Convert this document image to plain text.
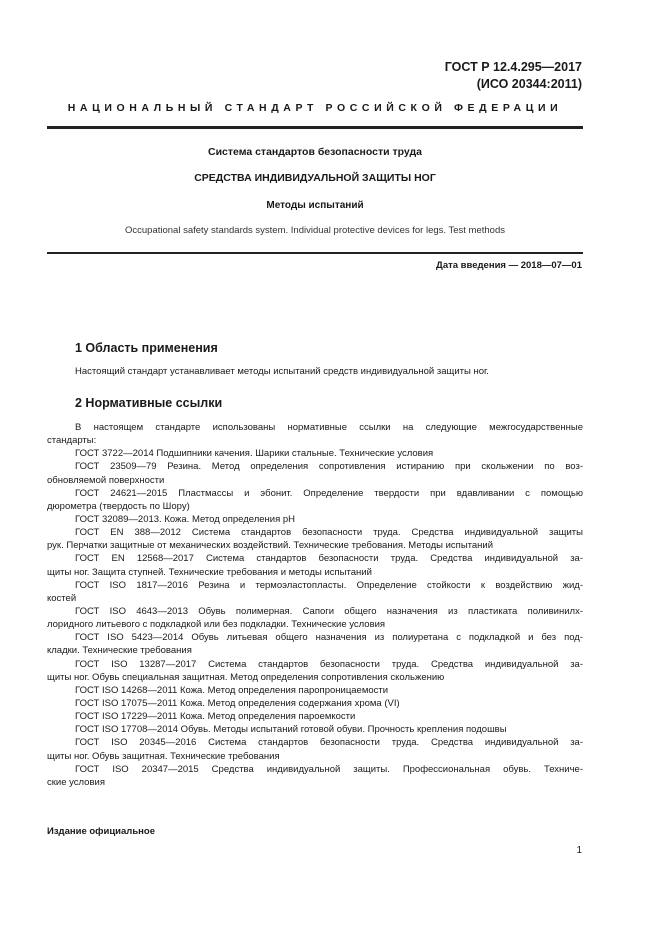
ГОСТ Р 12.4.295—2017
(ИСО 20344:2011)
НАЦИОНАЛЬНЫЙ СТАНДАРТ РОССИЙСКОЙ ФЕДЕРАЦИИ
Система стандартов безопасности труда
СРЕДСТВА ИНДИВИДУАЛЬНОЙ ЗАЩИТЫ НОГ
Методы испытаний
Occupational safety standards system. Individual protective devices for legs. Test methods
Дата введения — 2018—07—01
1 Область применения
Настоящий стандарт устанавливает методы испытаний средств индивидуальной защиты ног.
2 Нормативные ссылки
В настоящем стандарте использованы нормативные ссылки на следующие межгосударственные
стандарты:
ГОСТ 3722—2014 Подшипники качения. Шарики стальные. Технические условия
ГОСТ 23509—79 Резина. Метод определения сопротивления истиранию при скольжении по воз-
обновляемой поверхности
ГОСТ 24621—2015 Пластмассы и эбонит. Определение твердости при вдавливании с помощью
дюрометра (твердость по Шору)
ГОСТ 32089—2013. Кожа. Метод определения pH
ГОСТ EN 388—2012 Система стандартов безопасности труда. Средства индивидуальной защиты
рук. Перчатки защитные от механических воздействий. Технические требования. Методы испытаний
ГОСТ EN 12568—2017 Система стандартов безопасности труда. Средства индивидуальной за-
щиты ног. Защита ступней. Технические требования и методы испытаний
ГОСТ ISO 1817—2016 Резина и термоэластопласты. Определение стойкости к воздействию жид-
костей
ГОСТ ISO 4643—2013 Обувь полимерная. Сапоги общего назначения из пластиката поливинилх-
лоридного литьевого с подкладкой или без подкладки. Технические условия
ГОСТ ISO 5423—2014 Обувь литьевая общего назначения из полиуретана с подкладкой и без под-
кладки. Технические требования
ГОСТ ISO 13287—2017 Система стандартов безопасности труда. Средства индивидуальной за-
щиты ног. Обувь специальная защитная. Метод определения сопротивления скольжению
ГОСТ ISO 14268—2011 Кожа. Метод определения паропроницаемости
ГОСТ ISO 17075—2011 Кожа. Метод определения содержания хрома (VI)
ГОСТ ISO 17229—2011 Кожа. Метод определения пароемкости
ГОСТ ISO 17708—2014 Обувь. Методы испытаний готовой обуви. Прочность крепления подошвы
ГОСТ ISO 20345—2016 Система стандартов безопасности труда. Средства индивидуальной за-
щиты ног. Обувь защитная. Технические требования
ГОСТ ISO 20347—2015 Средства индивидуальной защиты. Профессиональная обувь. Техниче-
ские условия
Издание официальное
1
